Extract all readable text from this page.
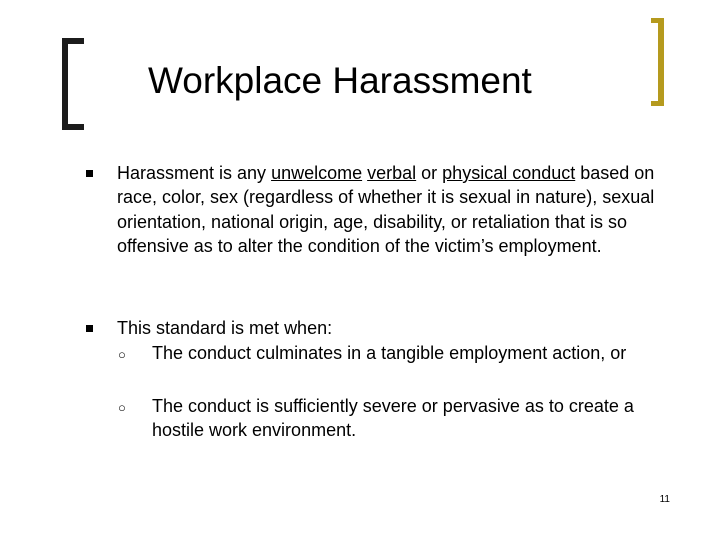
Workplace Harassment
Harassment is any unwelcome verbal or physical conduct based on race, color, sex (regardless of whether it is sexual in nature), sexual orientation, national origin, age, disability, or retaliation that is so offensive as to alter the condition of the victim’s employment.
This standard is met when:
○ The conduct culminates in a tangible employment action, or
○ The conduct is sufficiently severe or pervasive as to create a hostile work environment.
11
